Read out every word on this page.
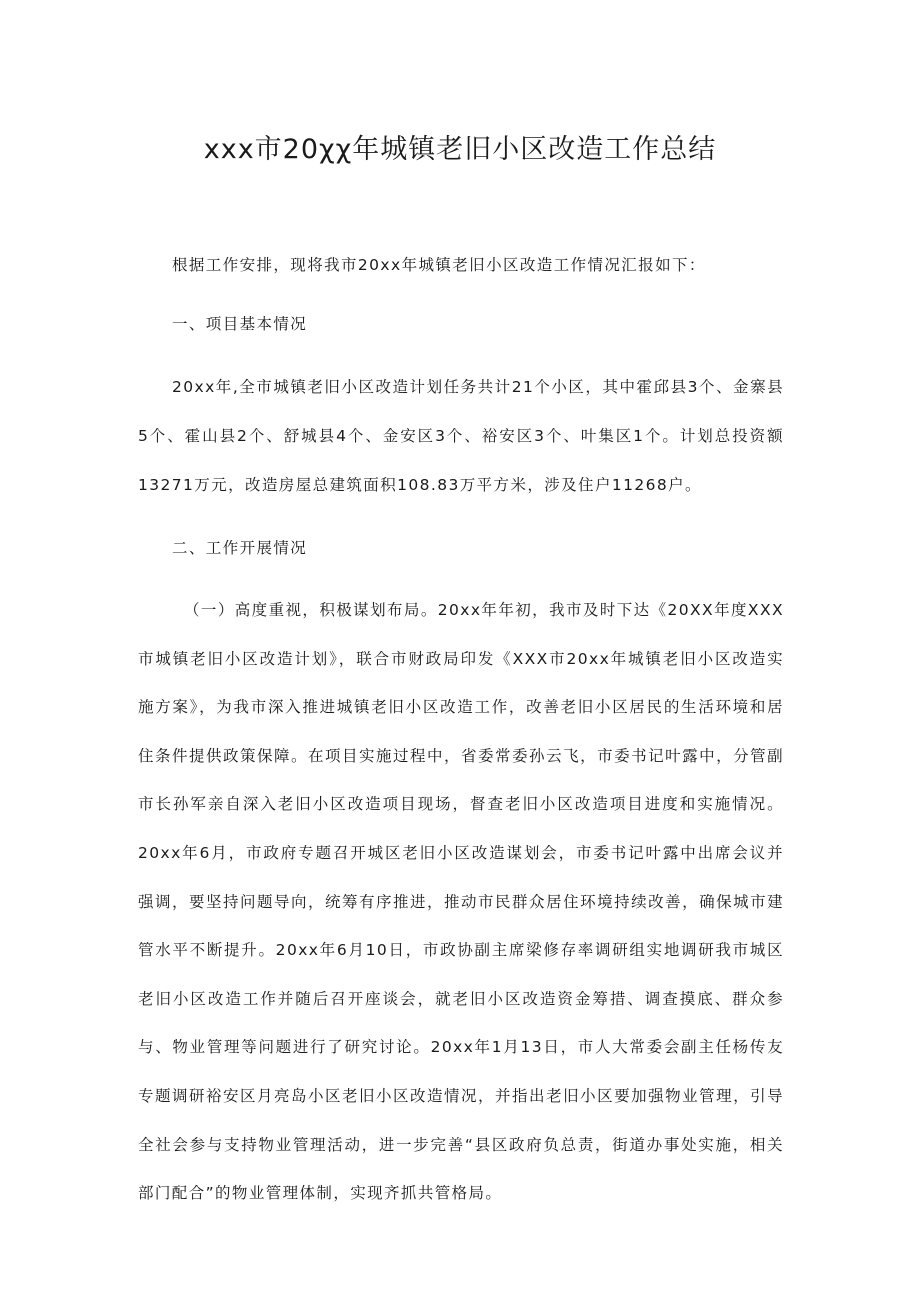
xxx市20χχ年城镇老旧小区改造工作总结

根据工作安排，现将我市20xx年城镇老旧小区改造工作情况汇报如下：

一、项目基本情况

20xx年,全市城镇老旧小区改造计划任务共计21个小区，其中霍邱县3个、金寨县5个、霍山县2个、舒城县4个、金安区3个、裕安区3个、叶集区1个。计划总投资额13271万元，改造房屋总建筑面积108.83万平方米，涉及住户11268户。

二、工作开展情况

（一）高度重视，积极谋划布局。20xx年年初，我市及时下达《20XX年度XXX市城镇老旧小区改造计划》，联合市财政局印发《XXX市20xx年城镇老旧小区改造实施方案》，为我市深入推进城镇老旧小区改造工作，改善老旧小区居民的生活环境和居住条件提供政策保障。在项目实施过程中，省委常委孙云飞，市委书记叶露中，分管副市长孙军亲自深入老旧小区改造项目现场，督查老旧小区改造项目进度和实施情况。20xx年6月，市政府专题召开城区老旧小区改造谋划会，市委书记叶露中出席会议并强调，要坚持问题导向，统筹有序推进，推动市民群众居住环境持续改善，确保城市建管水平不断提升。20xx年6月10日，市政协副主席梁修存率调研组实地调研我市城区老旧小区改造工作并随后召开座谈会，就老旧小区改造资金筹措、调查摸底、群众参与、物业管理等问题进行了研究讨论。20xx年1月13日，市人大常委会副主任杨传友专题调研裕安区月亮岛小区老旧小区改造情况，并指出老旧小区要加强物业管理，引导全社会参与支持物业管理活动，进一步完善“县区政府负总责，街道办事处实施，相关部门配合”的物业管理体制，实现齐抓共管格局。
